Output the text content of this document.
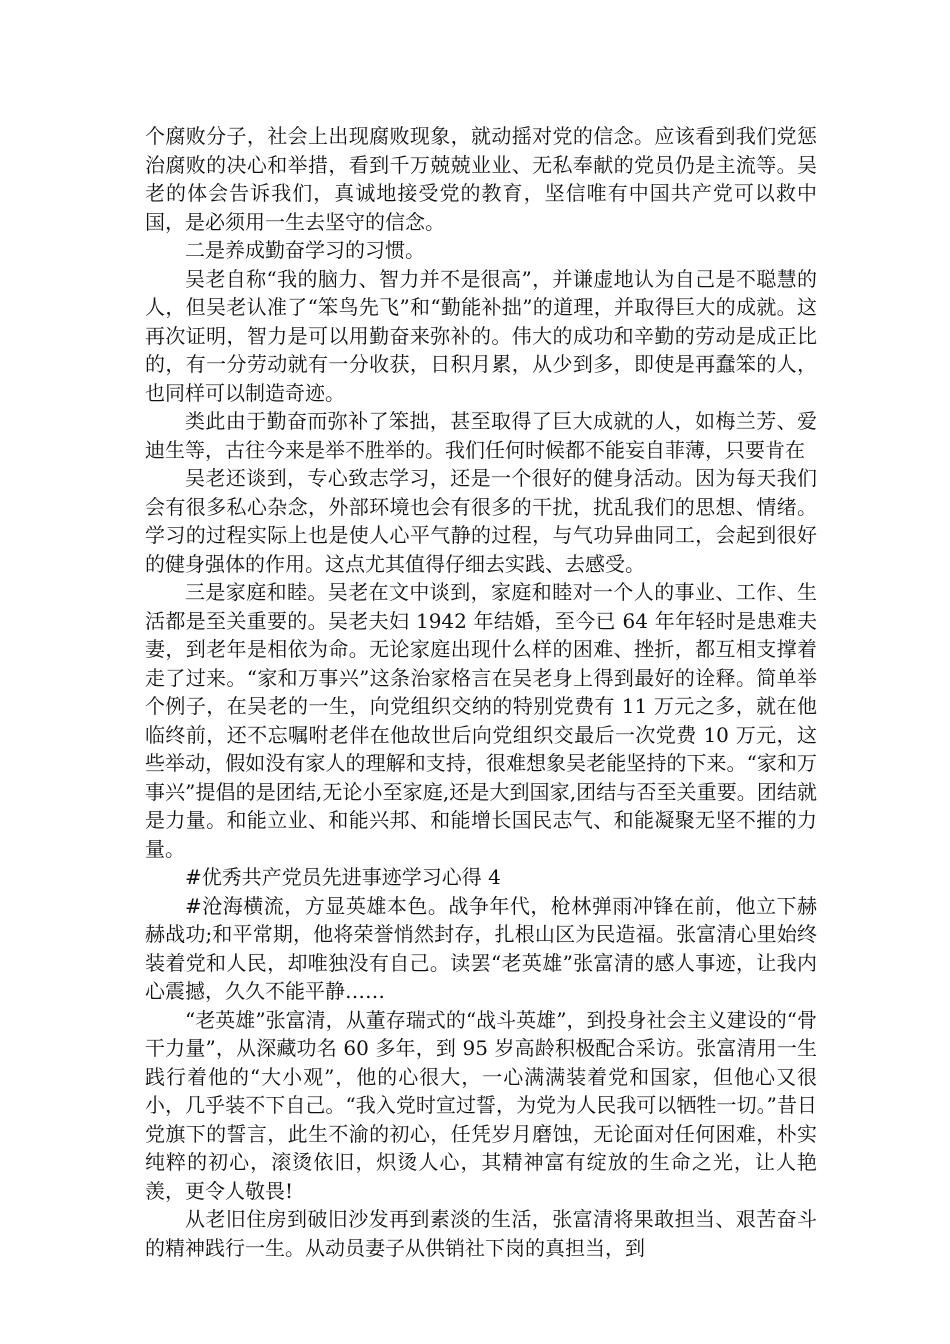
个腐败分子，社会上出现腐败现象，就动摇对党的信念。应该看到我们党惩治腐败的决心和举措，看到千万兢兢业业、无私奉献的党员仍是主流等。吴老的体会告诉我们，真诚地接受党的教育，坚信唯有中国共产党可以救中国，是必须用一生去坚守的信念。

二是养成勤奋学习的习惯。

吴老自称“我的脑力、智力并不是很高”，并谦虚地认为自己是不聪慧的人，但吴老认准了“笨鸟先飞”和“勤能补拙”的道理，并取得巨大的成就。这再次证明，智力是可以用勤奋来弥补的。伟大的成功和辛勤的劳动是成正比的，有一分劳动就有一分收获，日积月累，从少到多，即使是再蠢笨的人，也同样可以制造奇迹。

类此由于勤奋而弥补了笨拙，甚至取得了巨大成就的人，如梅兰芳、爱迪生等，古往今来是举不胜举的。我们任何时候都不能妄自菲薄，只要肯在

吴老还谈到，专心致志学习，还是一个很好的健身活动。因为每天我们会有很多私心杂念，外部环境也会有很多的干扰，扰乱我们的思想、情绪。学习的过程实际上也是使人心平气静的过程，与气功异曲同工，会起到很好的健身强体的作用。这点尤其值得仔细去实践、去感受。

三是家庭和睦。吴老在文中谈到，家庭和睦对一个人的事业、工作、生活都是至关重要的。吴老夫妇 1942 年结婚，至今已 64 年年轻时是患难夫妻，到老年是相依为命。无论家庭出现什么样的困难、挫折，都互相支撑着走了过来。“家和万事兴”这条治家格言在吴老身上得到最好的诠释。简单举个例子，在吴老的一生，向党组织交纳的特别党费有 11 万元之多，就在他临终前，还不忘嘱咐老伴在他故世后向党组织交最后一次党费 10 万元，这些举动，假如没有家人的理解和支持，很难想象吴老能坚持的下来。“家和万事兴”提倡的是团结,无论小至家庭,还是大到国家,团结与否至关重要。团结就是力量。和能立业、和能兴邦、和能增长国民志气、和能凝聚无坚不摧的力量。

#优秀共产党员先进事迹学习心得 4

#沧海横流，方显英雄本色。战争年代，枪林弹雨冲锋在前，他立下赫赫战功;和平常期，他将荣誉悄然封存，扎根山区为民造福。张富清心里始终装着党和人民，却唯独没有自己。读罢“老英雄”张富清的感人事迹，让我内心震撼，久久不能平静……

“老英雄”张富清，从董存瑞式的“战斗英雄”，到投身社会主义建设的“骨干力量”，从深藏功名 60 多年，到 95 岁高龄积极配合采访。张富清用一生践行着他的“大小观”，他的心很大，一心满满装着党和国家，但他心又很小，几乎装不下自己。“我入党时宣过誓，为党为人民我可以牺牲一切。”昔日党旗下的誓言，此生不渝的初心，任凭岁月磨蚀，无论面对任何困难，朴实纯粹的初心，滚烫依旧，炽烫人心，其精神富有绽放的生命之光，让人艳羡，更令人敬畏!

从老旧住房到破旧沙发再到素淡的生活，张富清将果敢担当、艰苦奋斗的精神践行一生。从动员妻子从供销社下岗的真担当，到
